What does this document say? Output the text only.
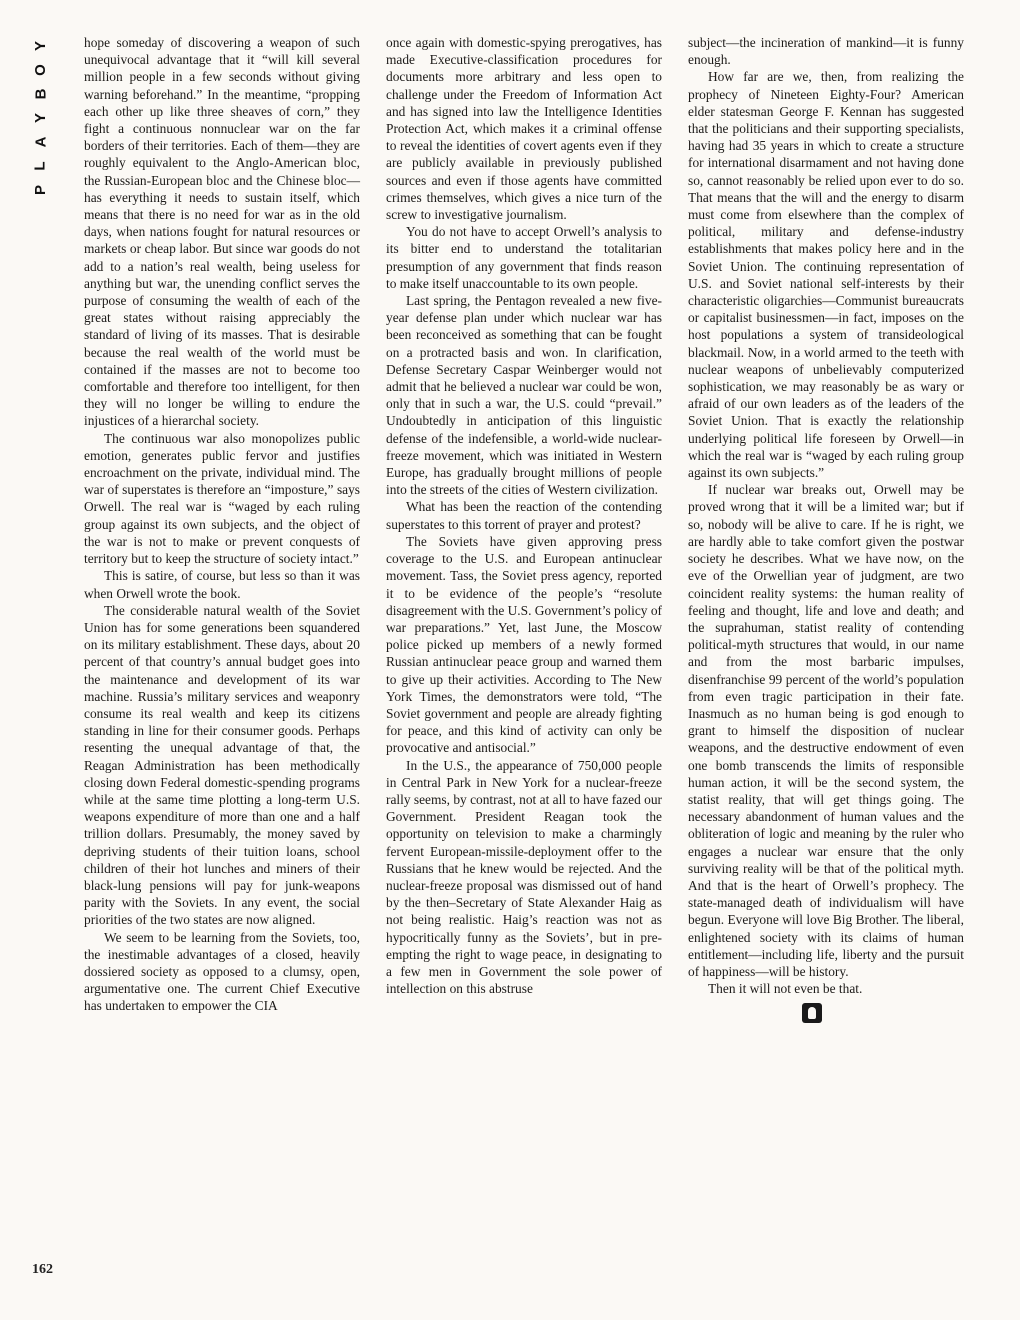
Y
O
B
Y
A
L
P

hope someday of discovering a weapon of such unequivocal advantage that it “will kill several million people in a few seconds without giving warning beforehand.” In the meantime, “propping each other up like three sheaves of corn,” they fight a continuous nonnuclear war on the far borders of their territories. Each of them—they are roughly equivalent to the Anglo-American bloc, the Russian-European bloc and the Chinese bloc—has everything it needs to sustain itself, which means that there is no need for war as in the old days, when nations fought for natural resources or markets or cheap labor. But since war goods do not add to a nation’s real wealth, being useless for anything but war, the unending conflict serves the purpose of consuming the wealth of each of the great states without raising appreciably the standard of living of its masses. That is desirable because the real wealth of the world must be contained if the masses are not to become too comfortable and therefore too intelligent, for then they will no longer be willing to endure the injustices of a hierarchal society.

The continuous war also monopolizes public emotion, generates public fervor and justifies encroachment on the private, individual mind. The war of superstates is therefore an “imposture,” says Orwell. The real war is “waged by each ruling group against its own subjects, and the object of the war is not to make or prevent conquests of territory but to keep the structure of society intact.”

This is satire, of course, but less so than it was when Orwell wrote the book.

The considerable natural wealth of the Soviet Union has for some generations been squandered on its military establishment. These days, about 20 percent of that country’s annual budget goes into the maintenance and development of its war machine. Russia’s military services and weaponry consume its real wealth and keep its citizens standing in line for their consumer goods. Perhaps resenting the unequal advantage of that, the Reagan Administration has been methodically closing down Federal domestic-spending programs while at the same time plotting a long-term U.S. weapons expenditure of more than one and a half trillion dollars. Presumably, the money saved by depriving students of their tuition loans, school children of their hot lunches and miners of their black-lung pensions will pay for junk-weapons parity with the Soviets. In any event, the social priorities of the two states are now aligned.

We seem to be learning from the Soviets, too, the inestimable advantages of a closed, heavily dossiered society as opposed to a clumsy, open, argumentative one. The current Chief Executive has undertaken to empower the CIA

once again with domestic-spying prerogatives, has made Executive-classification procedures for documents more arbitrary and less open to challenge under the Freedom of Information Act and has signed into law the Intelligence Identities Protection Act, which makes it a criminal offense to reveal the identities of covert agents even if they are publicly available in previously published sources and even if those agents have committed crimes themselves, which gives a nice turn of the screw to investigative journalism.

You do not have to accept Orwell’s analysis to its bitter end to understand the totalitarian presumption of any government that finds reason to make itself unaccountable to its own people.

Last spring, the Pentagon revealed a new five-year defense plan under which nuclear war has been reconceived as something that can be fought on a protracted basis and won. In clarification, Defense Secretary Caspar Weinberger would not admit that he believed a nuclear war could be won, only that in such a war, the U.S. could “prevail.” Undoubtedly in anticipation of this linguistic defense of the indefensible, a world-wide nuclear-freeze movement, which was initiated in Western Europe, has gradually brought millions of people into the streets of the cities of Western civilization.

What has been the reaction of the contending superstates to this torrent of prayer and protest?

The Soviets have given approving press coverage to the U.S. and European antinuclear movement. Tass, the Soviet press agency, reported it to be evidence of the people’s “resolute disagreement with the U.S. Government’s policy of war preparations.” Yet, last June, the Moscow police picked up members of a newly formed Russian antinuclear peace group and warned them to give up their activities. According to The New York Times, the demonstrators were told, “The Soviet government and people are already fighting for peace, and this kind of activity can only be provocative and antisocial.”

In the U.S., the appearance of 750,000 people in Central Park in New York for a nuclear-freeze rally seems, by contrast, not at all to have fazed our Government. President Reagan took the opportunity on television to make a charmingly fervent European-missile-deployment offer to the Russians that he knew would be rejected. And the nuclear-freeze proposal was dismissed out of hand by the then–Secretary of State Alexander Haig as not being realistic. Haig’s reaction was not as hypocritically funny as the Soviets’, but in pre-empting the right to wage peace, in designating to a few men in Government the sole power of intellection on this abstruse

subject—the incineration of mankind—it is funny enough.

How far are we, then, from realizing the prophecy of Nineteen Eighty-Four? American elder statesman George F. Kennan has suggested that the politicians and their supporting specialists, having had 35 years in which to create a structure for international disarmament and not having done so, cannot reasonably be relied upon ever to do so. That means that the will and the energy to disarm must come from elsewhere than the complex of political, military and defense-industry establishments that makes policy here and in the Soviet Union. The continuing representation of U.S. and Soviet national self-interests by their characteristic oligarchies—Communist bureaucrats or capitalist businessmen—in fact, imposes on the host populations a system of transideological blackmail. Now, in a world armed to the teeth with nuclear weapons of unbelievably computerized sophistication, we may reasonably be as wary or afraid of our own leaders as of the leaders of the Soviet Union. That is exactly the relationship underlying political life foreseen by Orwell—in which the real war is “waged by each ruling group against its own subjects.”

If nuclear war breaks out, Orwell may be proved wrong that it will be a limited war; but if so, nobody will be alive to care. If he is right, we are hardly able to take comfort given the postwar society he describes. What we have now, on the eve of the Orwellian year of judgment, are two coincident reality systems: the human reality of feeling and thought, life and love and death; and the suprahuman, statist reality of contending political-myth structures that would, in our name and from the most barbaric impulses, disenfranchise 99 percent of the world’s population from even tragic participation in their fate. Inasmuch as no human being is god enough to grant to himself the disposition of nuclear weapons, and the destructive endowment of even one bomb transcends the limits of responsible human action, it will be the second system, the statist reality, that will get things going. The necessary abandonment of human values and the obliteration of logic and meaning by the ruler who engages a nuclear war ensure that the only surviving reality will be that of the political myth. And that is the heart of Orwell’s prophecy. The state-managed death of individualism will have begun. Everyone will love Big Brother. The liberal, enlightened society with its claims of human entitlement—including life, liberty and the pursuit of happiness—will be history.

Then it will not even be that.

162
